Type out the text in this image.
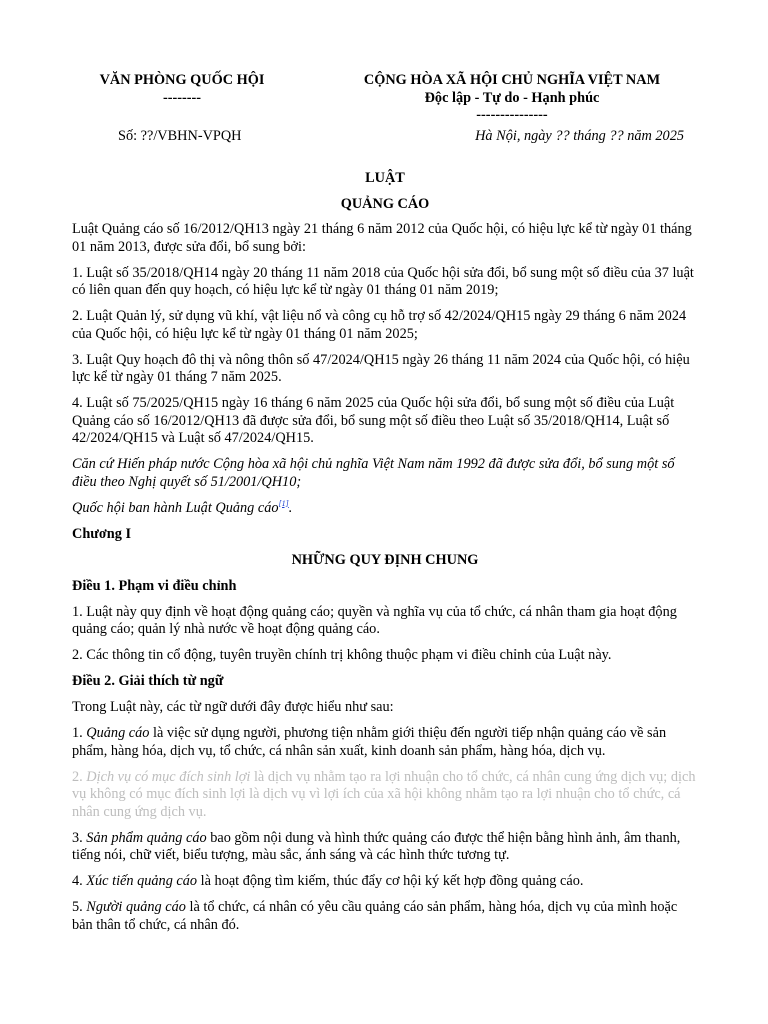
VĂN PHÒNG QUỐC HỘI
--------
CỘNG HÒA XÃ HỘI CHỦ NGHĨA VIỆT NAM
Độc lập - Tự do - Hạnh phúc
---------------
Số: ??/VBHN-VPQH	Hà Nội, ngày ?? tháng ?? năm 2025
LUẬT
QUẢNG CÁO

Luật Quảng cáo số 16/2012/QH13 ngày 21 tháng 6 năm 2012 của Quốc hội, có hiệu lực kể từ ngày 01 tháng 01 năm 2013, được sửa đổi, bổ sung bởi:

1. Luật số 35/2018/QH14 ngày 20 tháng 11 năm 2018 của Quốc hội sửa đổi, bổ sung một số điều của 37 luật có liên quan đến quy hoạch, có hiệu lực kể từ ngày 01 tháng 01 năm 2019;

2. Luật Quản lý, sử dụng vũ khí, vật liệu nổ và công cụ hỗ trợ số 42/2024/QH15 ngày 29 tháng 6 năm 2024 của Quốc hội, có hiệu lực kể từ ngày 01 tháng 01 năm 2025;

3. Luật Quy hoạch đô thị và nông thôn số 47/2024/QH15 ngày 26 tháng 11 năm 2024 của Quốc hội, có hiệu lực kể từ ngày 01 tháng 7 năm 2025.

4. Luật số 75/2025/QH15 ngày 16 tháng 6 năm 2025 của Quốc hội sửa đổi, bổ sung một số điều của Luật Quảng cáo số 16/2012/QH13 đã được sửa đổi, bổ sung một số điều theo Luật số 35/2018/QH14, Luật số 42/2024/QH15 và Luật số 47/2024/QH15.

Căn cứ Hiến pháp nước Cộng hòa xã hội chủ nghĩa Việt Nam năm 1992 đã được sửa đổi, bổ sung một số điều theo Nghị quyết số 51/2001/QH10;

Quốc hội ban hành Luật Quảng cáo[1].

Chương I

NHỮNG QUY ĐỊNH CHUNG

Điều 1. Phạm vi điều chỉnh

1. Luật này quy định về hoạt động quảng cáo; quyền và nghĩa vụ của tổ chức, cá nhân tham gia hoạt động quảng cáo; quản lý nhà nước về hoạt động quảng cáo.

2. Các thông tin cổ động, tuyên truyền chính trị không thuộc phạm vi điều chỉnh của Luật này.

Điều 2. Giải thích từ ngữ

Trong Luật này, các từ ngữ dưới đây được hiểu như sau:

1. Quảng cáo là việc sử dụng người, phương tiện nhằm giới thiệu đến người tiếp nhận quảng cáo về sản phẩm, hàng hóa, dịch vụ, tổ chức, cá nhân sản xuất, kinh doanh sản phẩm, hàng hóa, dịch vụ.

2. Dịch vụ có mục đích sinh lợi là dịch vụ nhằm tạo ra lợi nhuận cho tổ chức, cá nhân cung ứng dịch vụ; dịch vụ không có mục đích sinh lợi là dịch vụ vì lợi ích của xã hội không nhằm tạo ra lợi nhuận cho tổ chức, cá nhân cung ứng dịch vụ.

3. Sản phẩm quảng cáo bao gồm nội dung và hình thức quảng cáo được thể hiện bằng hình ảnh, âm thanh, tiếng nói, chữ viết, biểu tượng, màu sắc, ánh sáng và các hình thức tương tự.

4. Xúc tiến quảng cáo là hoạt động tìm kiếm, thúc đẩy cơ hội ký kết hợp đồng quảng cáo.

5. Người quảng cáo là tổ chức, cá nhân có yêu cầu quảng cáo sản phẩm, hàng hóa, dịch vụ của mình hoặc bản thân tổ chức, cá nhân đó.
